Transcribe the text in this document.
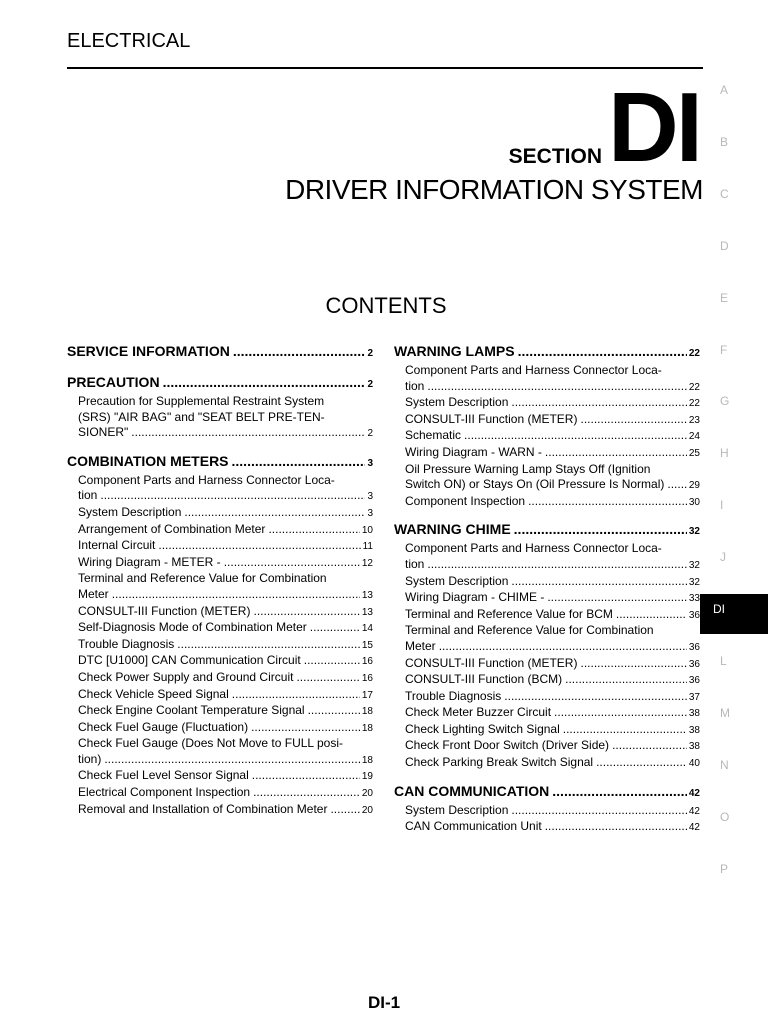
ELECTRICAL
SECTION DI
DRIVER INFORMATION SYSTEM
CONTENTS
A
B
C
D
E
F
G
H
I
J
DI
L
M
N
O
P
SERVICE INFORMATION .....	2
PRECAUTION .....	2
Precaution for Supplemental Restraint System
(SRS) "AIR BAG" and "SEAT BELT PRE-TEN-
SIONER" .....	2
COMBINATION METERS .....	3
Component Parts and Harness Connector Loca-
tion .....	3
System Description .....	3
Arrangement of Combination Meter .....	10
Internal Circuit .....	11
Wiring Diagram - METER - .....	12
Terminal and Reference Value for Combination
Meter .....	13
CONSULT-III Function (METER) .....	13
Self-Diagnosis Mode of Combination Meter .....	14
Trouble Diagnosis .....	15
DTC [U1000] CAN Communication Circuit .....	16
Check Power Supply and Ground Circuit .....	16
Check Vehicle Speed Signal .....	17
Check Engine Coolant Temperature Signal .....	18
Check Fuel Gauge (Fluctuation) .....	18
Check Fuel Gauge (Does Not Move to FULL posi-
tion) .....	18
Check Fuel Level Sensor Signal .....	19
Electrical Component Inspection .....	20
Removal and Installation of Combination Meter .....	20
WARNING LAMPS .....	22
Component Parts and Harness Connector Loca-
tion .....	22
System Description .....	22
CONSULT-III Function (METER) .....	23
Schematic .....	24
Wiring Diagram - WARN - .....	25
Oil Pressure Warning Lamp Stays Off (Ignition
Switch ON) or Stays On (Oil Pressure Is Normal) ..... 29
Component Inspection .....	30
WARNING CHIME .....	32
Component Parts and Harness Connector Loca-
tion .....	32
System Description .....	32
Wiring Diagram - CHIME - .....	33
Terminal and Reference Value for BCM .....	36
Terminal and Reference Value for Combination
Meter .....	36
CONSULT-III Function (METER) .....	36
CONSULT-III Function (BCM) .....	36
Trouble Diagnosis .....	37
Check Meter Buzzer Circuit .....	38
Check Lighting Switch Signal .....	38
Check Front Door Switch (Driver Side) .....	38
Check Parking Break Switch Signal .....	40
CAN COMMUNICATION .....	42
System Description .....	42
CAN Communication Unit .....	42
DI-1
